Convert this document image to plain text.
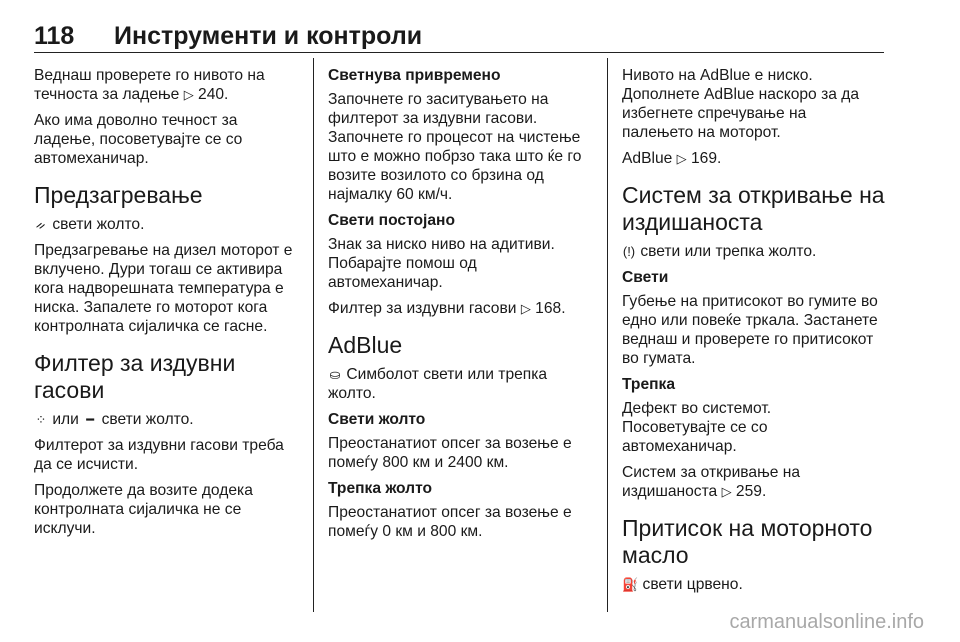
118 Инструменти и контроли

Веднаш проверете го нивото на
течноста за ладење ▷ 240.

Ако има доволно течност за
ладење, посоветувајте се со
автомеханичар.

Предзагревање

ᨀ свети жолто.

Предзагревање на дизел моторот е
вклучено. Дури тогаш се активира
кога надворешната температура е
ниска. Запалете го моторот кога
контролната сијаличка се гасне.

Филтер за издувни гасови

⁘ или ━ свети жолто.

Филтерот за издувни гасови треба
да се исчисти.

Продолжете да возите додека
контролната сијаличка не се
исклучи.

Светнува привремено

Започнете го заситувањето на
филтерот за издувни гасови.
Започнете го процесот на чистење
што е можно побрзо така што ќе го
возите возилото со брзина од
најмалку 60 км/ч.

Свети постојано

Знак за ниско ниво на адитиви.
Побарајте помош од
автомеханичар.

Филтер за издувни гасови ▷ 168.

AdBlue

⛀ Симболот свети или трепка
жолто.

Свети жолто

Преостанатиот опсег за возење е
помеѓу 800 км и 2400 км.

Трепка жолто

Преостанатиот опсег за возење е
помеѓу 0 км и 800 км.

Нивото на AdBlue е ниско.
Дополнете AdBlue наскоро за да
избегнете спречување на
палењето на моторот.

AdBlue ▷ 169.

Систем за откривање на
издишаноста

(!) свети или трепка жолто.

Свети

Губење на притисокот во гумите во
едно или повеќе тркала. Застанете
веднаш и проверете го притисокот
во гумата.

Трепка

Дефект во системот.
Посоветувајте се со
автомеханичар.

Систем за откривање на
издишаноста ▷ 259.

Притисок на моторното
масло

⛽ свети црвено.

carmanualsonline.info
